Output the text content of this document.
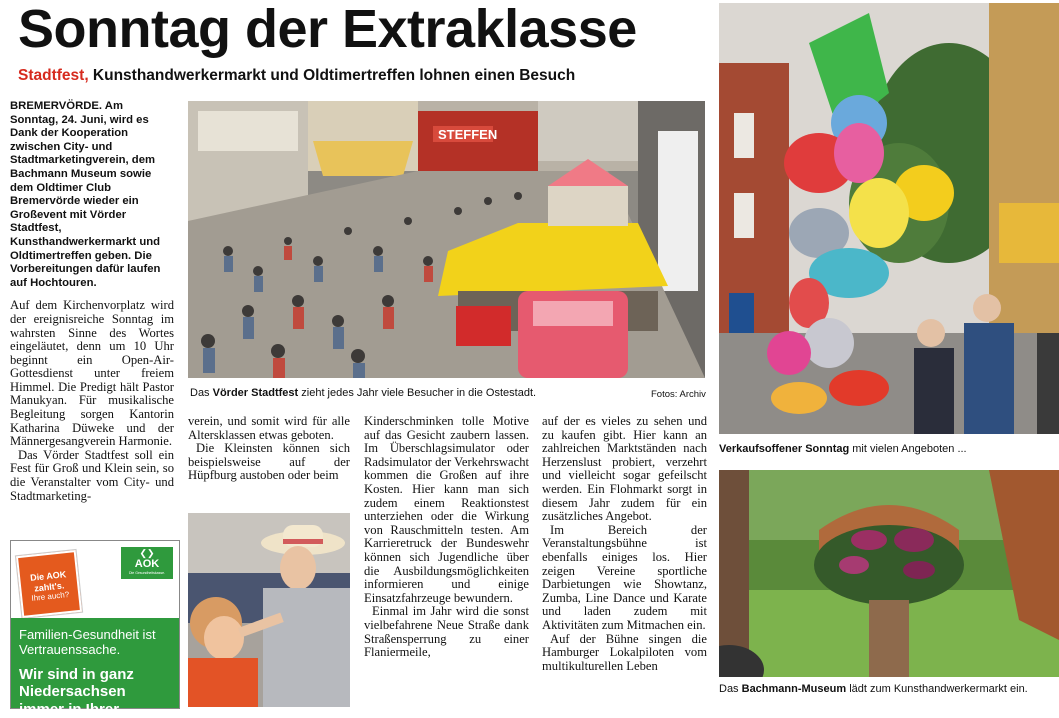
Sonntag der Extraklasse
Stadtfest, Kunsthandwerkermarkt und Oldtimertreffen lohnen einen Besuch

BREMERVÖRDE. Am Sonntag, 24. Juni, wird es Dank der Kooperation zwischen City- und Stadtmarketingverein, dem Bachmann Museum sowie dem Oldtimer Club Bremervörde wieder ein Großevent mit Vörder Stadtfest, Kunsthandwerkermarkt und Oldtimertreffen geben. Die Vorbereitungen dafür laufen auf Hochtouren.

Auf dem Kirchenvorplatz wird der ereignisreiche Sonntag im wahrsten Sinne des Wortes eingeläutet, denn um 10 Uhr beginnt ein Open-Air-Gottesdienst unter freiem Himmel. Die Predigt hält Pastor Manukyan. Für musikalische Begleitung sorgen Kantorin Katharina Düweke und der Männergesangverein Harmonie.

Das Vörder Stadtfest soll ein Fest für Groß und Klein sein, so die Veranstalter vom City- und Stadtmarketing-

STEFFEN
Das Vörder Stadtfest zieht jedes Jahr viele Besucher in die Ostestadt.	Fotos: Archiv

verein, und somit wird für alle Altersklassen etwas geboten.

Die Kleinsten können sich beispielsweise auf der Hüpfburg austoben oder beim

Kinderschminken tolle Motive auf das Gesicht zaubern lassen. Im Überschlagsimulator oder Radsimulator der Verkehrswacht kommen die Großen auf ihre Kosten. Hier kann man sich zudem einem Reaktionstest unterziehen oder die Wirkung von Rauschmitteln testen. Am Karrieretruck der Bundeswehr können sich Jugendliche über die Ausbildungsmöglichkeiten informieren und einige Einsatzfahrzeuge bewundern.

Einmal im Jahr wird die sonst vielbefahrene Neue Straße dank Straßensperrung zu einer Flaniermeile,

auf der es vieles zu sehen und zu kaufen gibt. Hier kann an zahlreichen Marktständen nach Herzenslust probiert, verzehrt und vielleicht sogar gefeilscht werden. Ein Flohmarkt sorgt in diesem Jahr zudem für ein zusätzliches Angebot.

Im Bereich der Veranstaltungsbühne ist ebenfalls einiges los. Hier zeigen Vereine sportliche Darbietungen wie Showtanz, Zumba, Line Dance und Karate und laden zudem mit Aktivitäten zum Mitmachen ein.

Auf der Bühne singen die Hamburger Lokalpiloten vom multikulturellen Leben

❮❯
AOK
Die Gesundheitskasse.
Die AOK
zahlt's.
Ihre auch?
Familien-Gesundheit ist Vertrauenssache.
Wir sind in ganz Niedersachsen
immer in Ihrer
Verkaufsoffener Sonntag mit vielen Angeboten ...
Das Bachmann-Museum lädt zum Kunsthandwerkermarkt ein.
